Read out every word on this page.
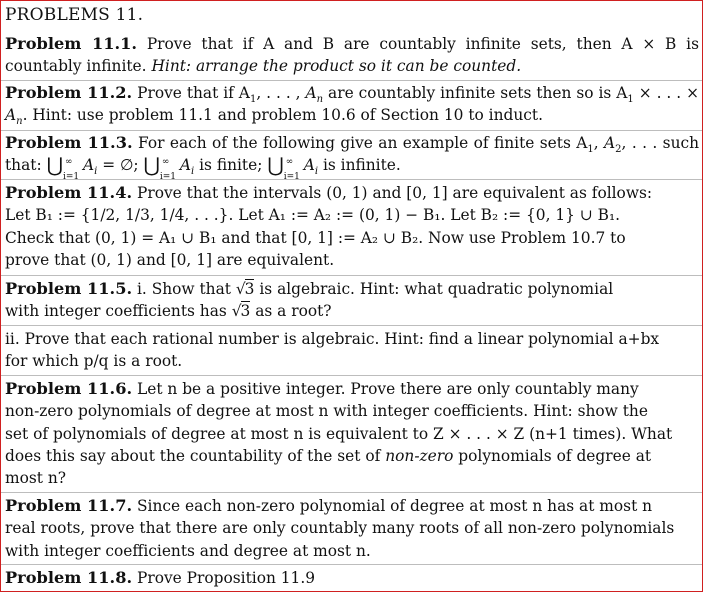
PROBLEMS 11.

Problem 11.1. Prove that if A and B are countably infinite sets, then A × B is countably infinite. Hint: arrange the product so it can be counted.

Problem 11.2. Prove that if $A_1$, . . . , $A_n$ are countably infinite sets then so is $A_1$ × . . . × $A_n$. Hint: use problem 11.1 and problem 10.6 of Section 10 to induct.

Problem 11.3. For each of the following give an example of finite sets $A_1$, $A_2$, . . . such that: ⋃ ∞
i=1
$A_i$ = ∅; ⋃ ∞
i=1
$A_i$ is finite; ⋃ ∞
i=1
$A_i$ is infinite.

Problem 11.4. Prove that the intervals (0, 1) and [0, 1] are equivalent as follows:

Let B₁ := {1/2, 1/3, 1/4, . . .}. Let A₁ := A₂ := (0, 1) − B₁. Let B₂ := {0, 1} ∪ B₁.

Check that (0, 1) = A₁ ∪ B₁ and that [0, 1] := A₂ ∪ B₂. Now use Problem 10.7 to

prove that (0, 1) and [0, 1] are equivalent.

Problem 11.5. i. Show that √3 is algebraic. Hint: what quadratic polynomial

with integer coefficients has √3 as a root?

ii. Prove that each rational number is algebraic. Hint: find a linear polynomial a+bx

for which p/q is a root.

Problem 11.6. Let n be a positive integer. Prove there are only countably many

non-zero polynomials of degree at most n with integer coefficients. Hint: show the

set of polynomials of degree at most n is equivalent to Z × . . . × Z (n+1 times). What

does this say about the countability of the set of non-zero polynomials of degree at

most n?

Problem 11.7. Since each non-zero polynomial of degree at most n has at most n

real roots, prove that there are only countably many roots of all non-zero polynomials

with integer coefficients and degree at most n.

Problem 11.8. Prove Proposition 11.9
